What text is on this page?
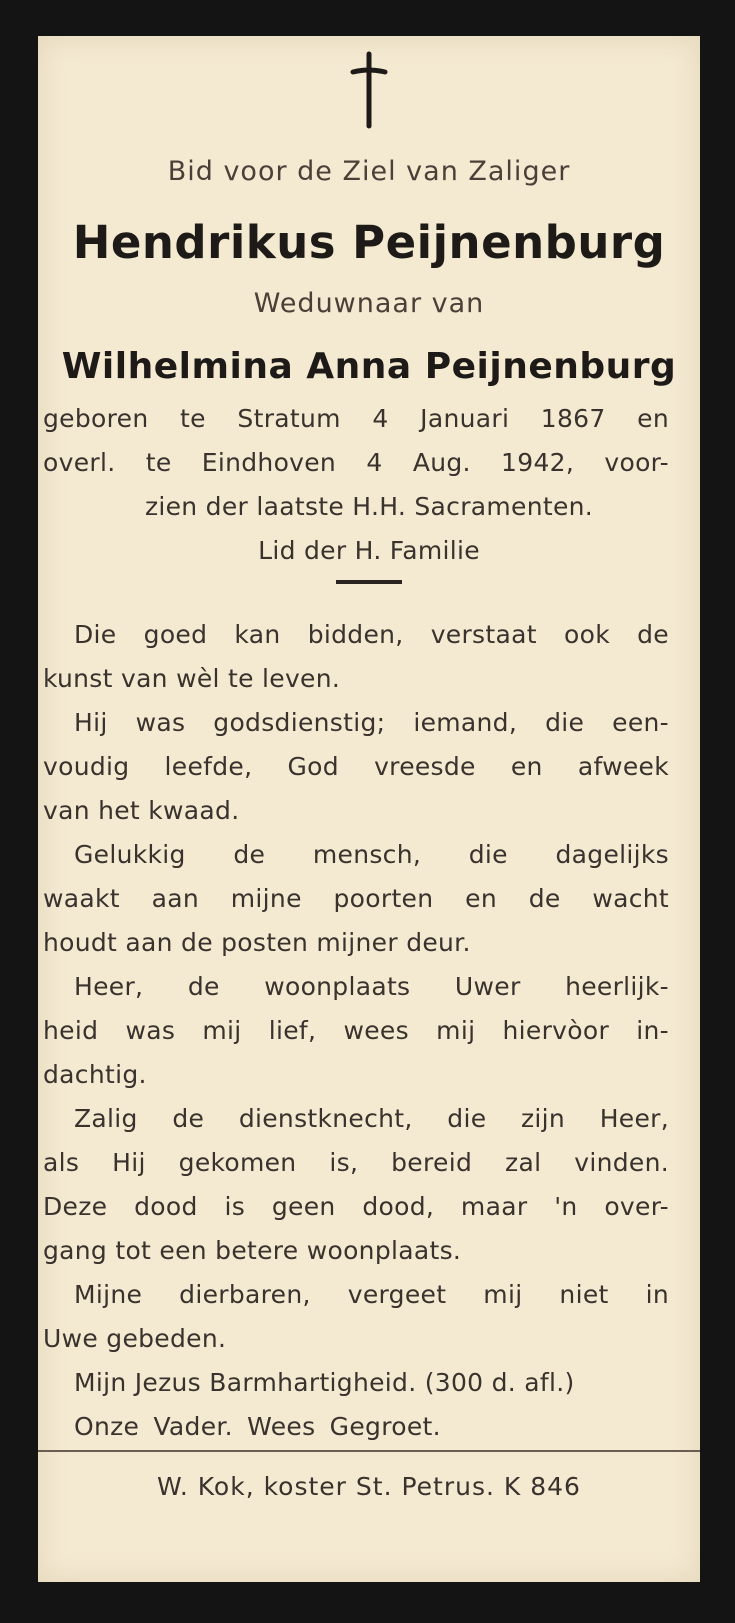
Bid voor de Ziel van Zaliger
Hendrikus Peijnenburg
Weduwnaar van
Wilhelmina Anna Peijnenburg
geboren te Stratum 4 Januari 1867 en
overl. te Eindhoven 4 Aug. 1942, voor-
zien der laatste H.H. Sacramenten.
Lid der H. Familie
Die goed kan bidden, verstaat ook de
kunst van wèl te leven.
Hij was godsdienstig; iemand, die een-
voudig leefde, God vreesde en afweek
van het kwaad.
Gelukkig de mensch, die dagelijks
waakt aan mijne poorten en de wacht
houdt aan de posten mijner deur.
Heer, de woonplaats Uwer heerlijk-
heid was mij lief, wees mij hiervòor in-
dachtig.
Zalig de dienstknecht, die zijn Heer,
als Hij gekomen is, bereid zal vinden.
Deze dood is geen dood, maar 'n over-
gang tot een betere woonplaats.
Mijne dierbaren, vergeet mij niet in
Uwe gebeden.
Mijn Jezus Barmhartigheid. (300 d. afl.)
Onze Vader. Wees Gegroet.
W. Kok, koster St. Petrus. K 846
